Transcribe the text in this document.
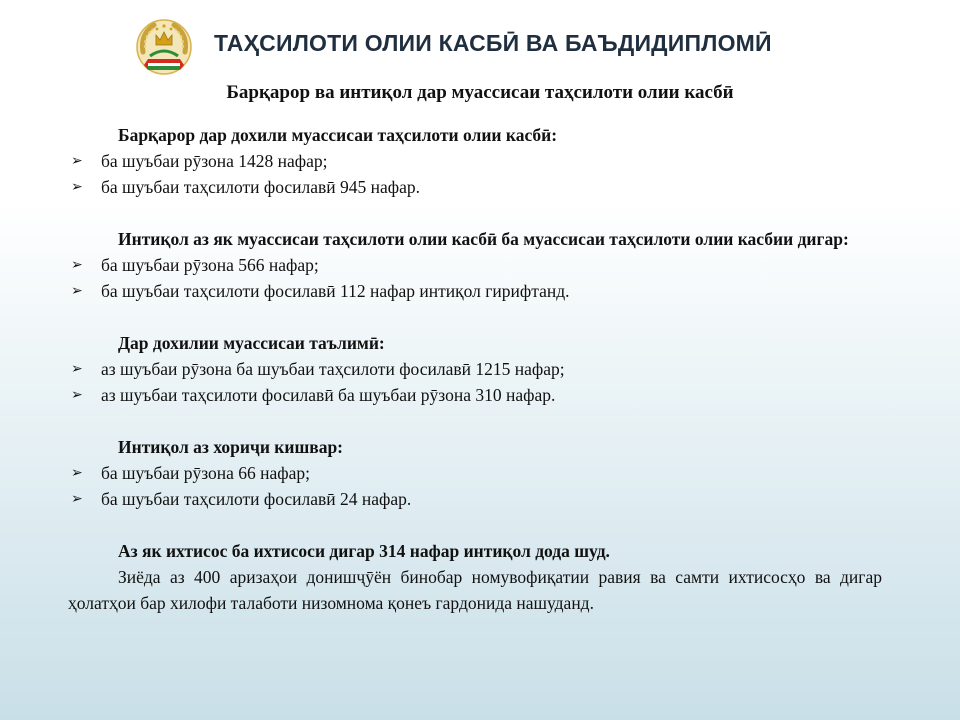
ТАҲСИЛОТИ ОЛИИ КАСБӢ ВА БАЪДИДИПЛОМӢ
Барқарор ва интиқол дар муассисаи таҳсилоти олии касбӣ

Барқарор дар дохили муассисаи таҳсилоти олии касбӣ:

➢ ба шуъбаи рӯзона 1428 нафар;
➢ ба шуъбаи таҳсилоти фосилавӣ 945 нафар.

Интиқол аз як муассисаи таҳсилоти олии касбӣ ба муассисаи таҳсилоти олии касбии дигар:

➢ ба шуъбаи рӯзона 566 нафар;
➢ ба шуъбаи таҳсилоти фосилавӣ 112 нафар интиқол гирифтанд.

Дар дохилии муассисаи таълимӣ:

➢ аз шуъбаи рӯзона ба шуъбаи таҳсилоти фосилавӣ 1215 нафар;
➢ аз шуъбаи таҳсилоти фосилавӣ ба шуъбаи рӯзона 310 нафар.

Интиқол аз хориҷи кишвар:

➢ ба шуъбаи рӯзона 66 нафар;
➢ ба шуъбаи таҳсилоти фосилавӣ 24 нафар.

Аз як ихтисос ба ихтисоси дигар 314 нафар интиқол дода шуд.

Зиёда аз 400 аризаҳои донишҷӯён бинобар номувофиқатии равия ва самти ихтисосҳо ва дигар ҳолатҳои бар хилофи талаботи низомнома қонеъ гардонида нашуданд.
